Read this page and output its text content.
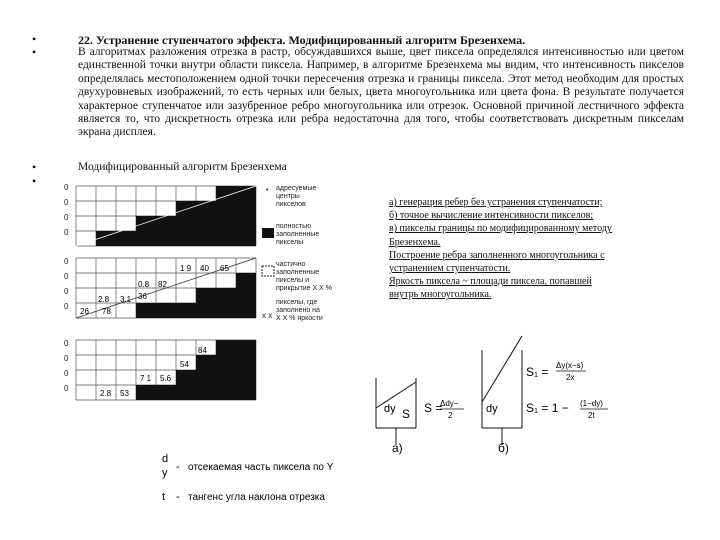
•
•
•
•
22. Устранение ступенчатого эффекта. Модифицированный алгоритм Брезенхема.
В алгоритмах разложения отрезка в растр, обсуждавшихся выше, цвет пиксела определялся интенсивностью или цветом единственной точки внутри области пиксела. Например, в алгоритме Брезенхема мы видим, что интенсивность пикселов определялась местоположением одной точки пересечения отрезка и границы пиксела. Этот метод необходим для простых двухуровневых изображений, то есть черных или белых, цвета многоугольника или цвета фона. В результате получается характерное ступенчатое или зазубренное ребро многоугольника или отрезок. Основной причиной лестничного эффекта является то, что дискретность отрезка или ребра недостаточна для того, чтобы соответствовать дискретным пикселам экрана дисплея.
Модифицированный алгоритм Брезенхема
26 78
2.8 3.1
0.8 82
36
1 9 40 65
2.8 53
7 1 5.6
54
84
0
0
0
0
0
0
0
0
0
0
0
0
• адресуемые
центры
пикселов
полностью
заполненные
пикселы
частично
заполненные
пикселы и
прикрытие X X %
x x
пикселы, где
заполнено на
X X % яркости
а) генерация ребер без устранения ступенчатости;
б) точное вычисление интенсивности пикселов;
в) пикселы границы по модифицированному методу
Брезенхема.
Построение ребра заполненного многоугольника с
устранением ступенчатости.
Яркость пиксела ~ площади пиксела, попавшей
внутрь многоугольника.
dy S S =
Δdy−
2
а)
dy
S₁ = Δy(x−s)
2x
S₁ = 1 − (1−dy)
2t
б)
d
y - отсекаемая часть пиксела по Y
t - тангенс угла наклона отрезка
